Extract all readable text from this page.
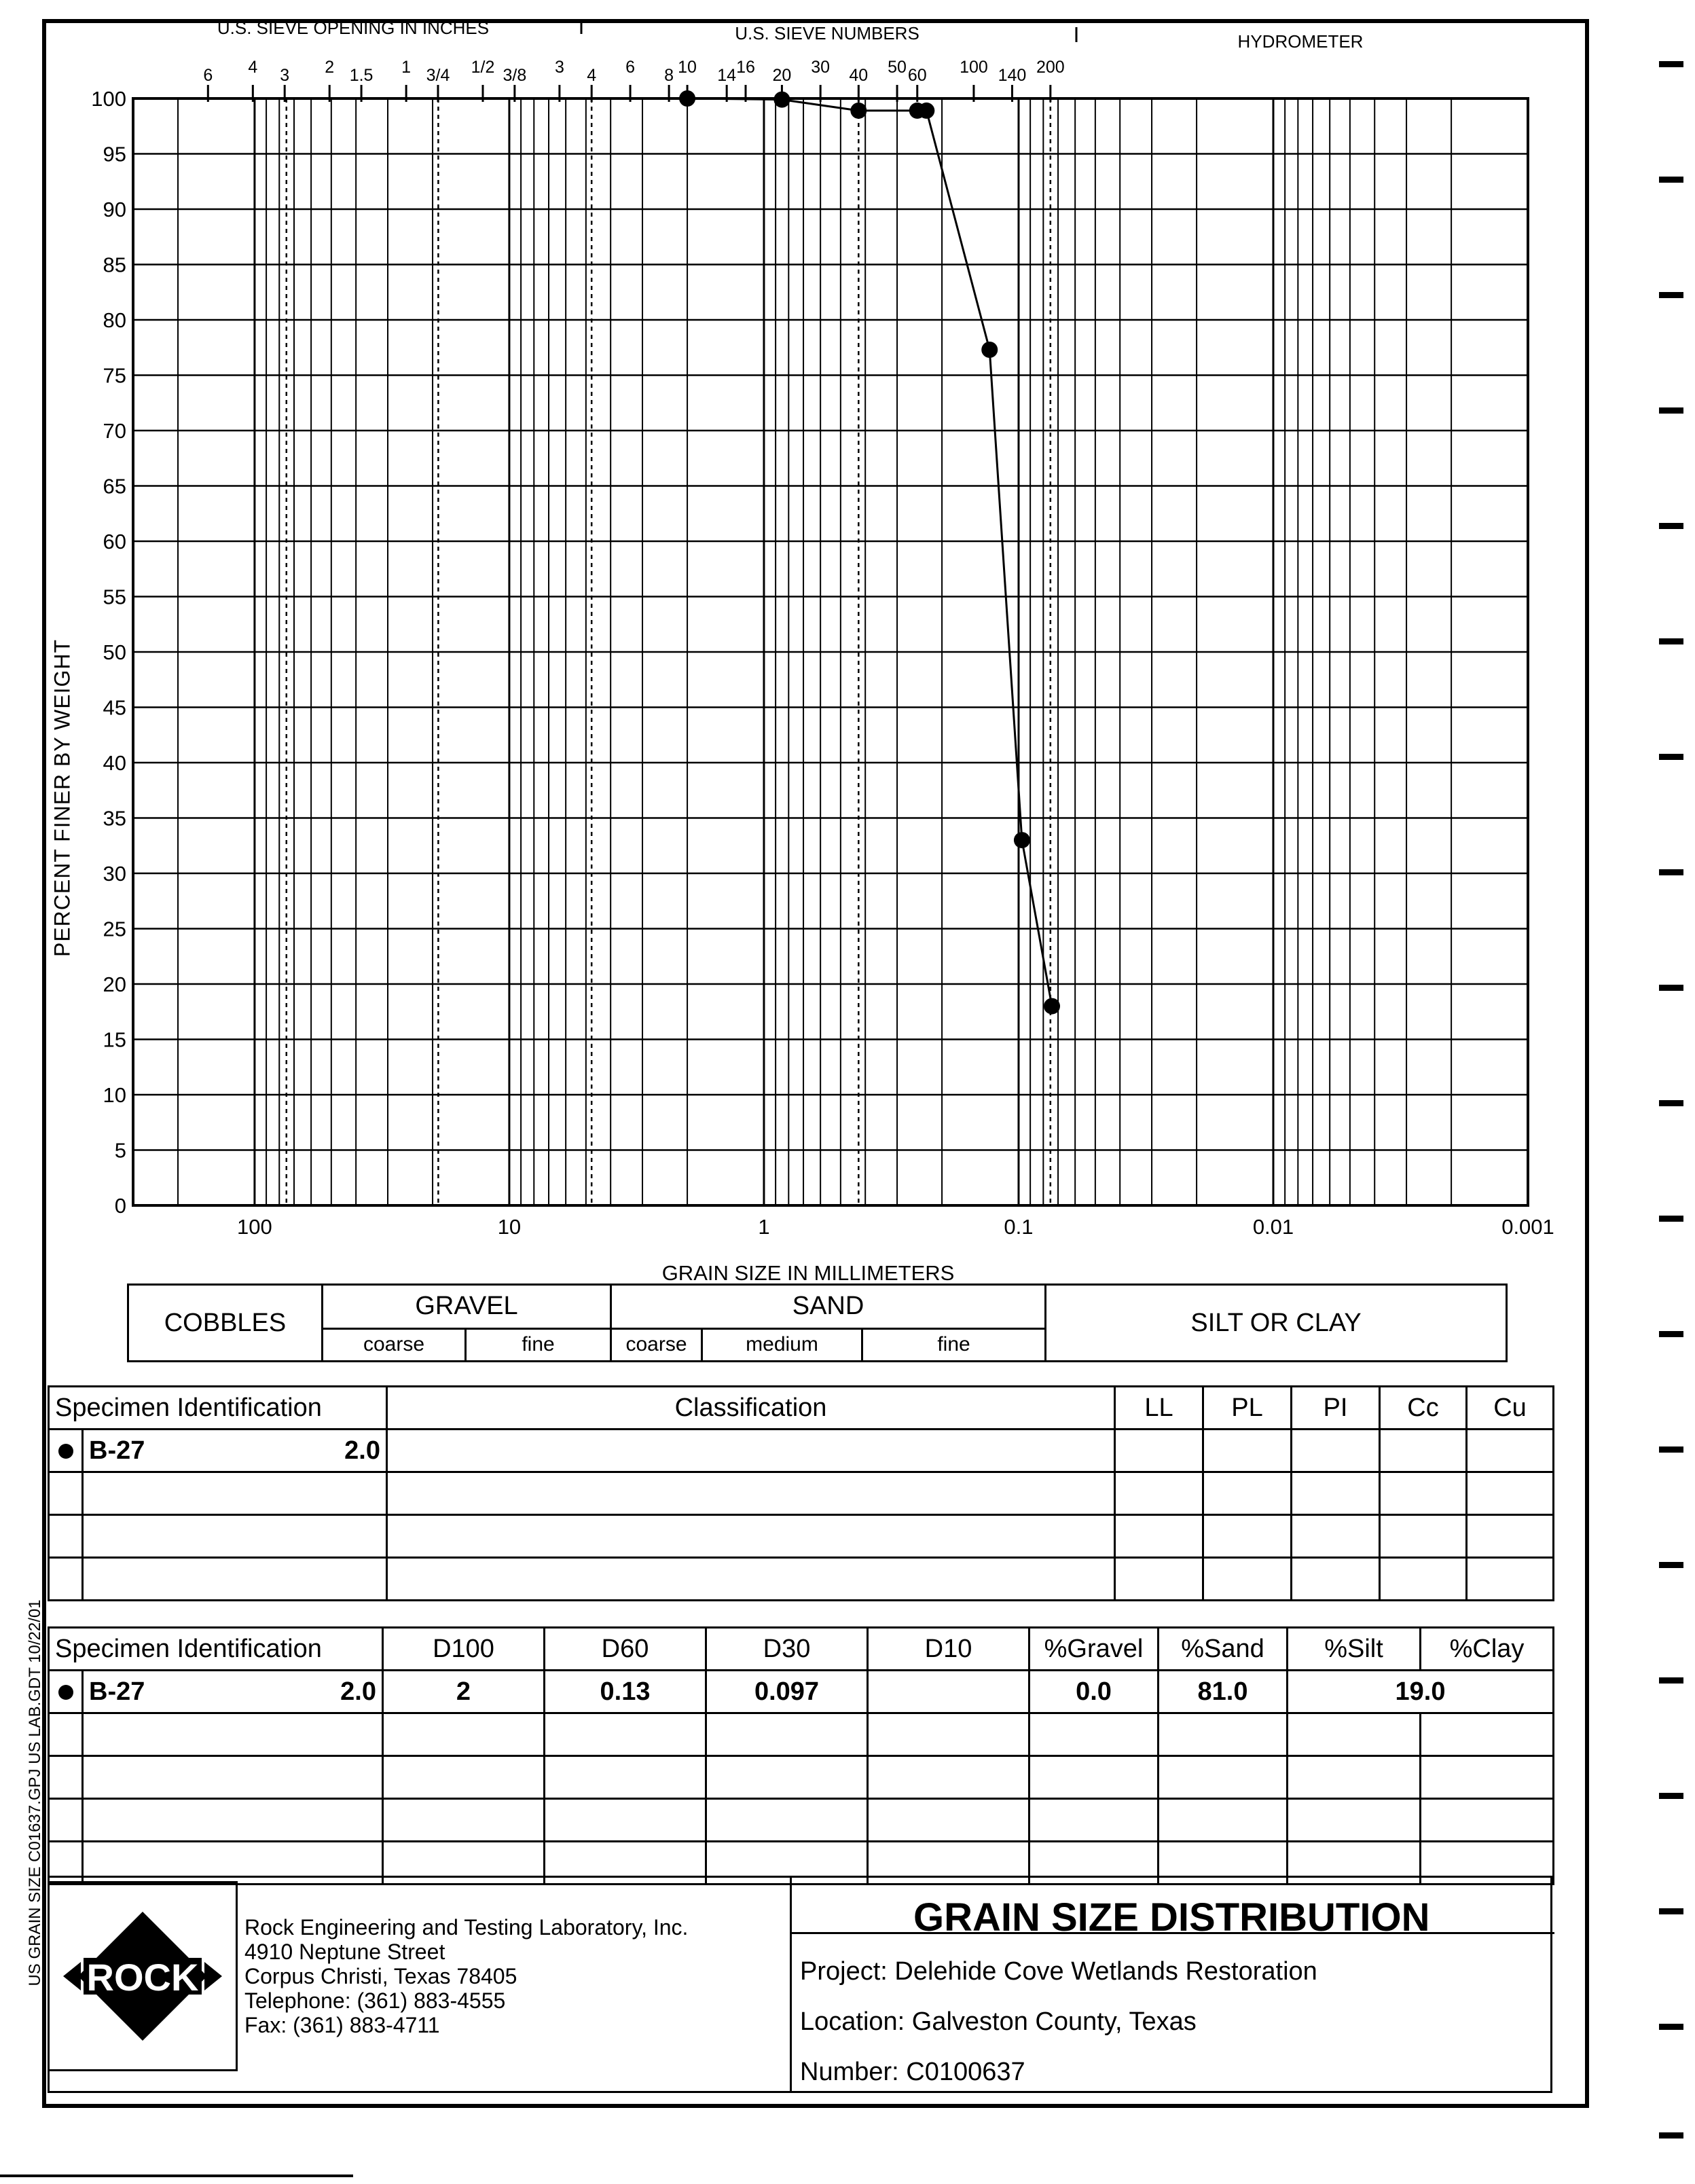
0
5
10
15
20
25
30
35
40
45
50
55
60
65
70
75
80
85
90
95
100
100	10	1	0.1	0.01	0.001
GRAIN SIZE IN MILLIMETERS
U.S. SIEVE OPENING IN INCHES	U.S. SIEVE NUMBERS	HYDROMETER
6 4 3 2 1.5 1 3/4 1/2 3/8 3 4 6 8 10 14 16 20 30 40 50 60 100 140 200
PERCENT FINER BY WEIGHT
US GRAIN SIZE C01637.GPJ US LAB.GDT 10/22/01
COBBLES	GRAVEL		SAND			SILT OR CLAY
	coarse	fine	coarse	medium	fine	
Specimen Identification		Classification	LL	PL	PI	Cc	Cu
	B-27 2.0						

Specimen Identification		D100	D60	D30	D10	%Gravel	%Sand	%Silt	%Clay
	B-27 2.0	2	0.13	0.097		0.0	81.0	19.0	

ROCK
Rock Engineering and Testing Laboratory, Inc.
4910 Neptune Street
Corpus Christi, Texas 78405
Telephone: (361) 883-4555
Fax: (361) 883-4711
GRAIN SIZE DISTRIBUTION
Project: Delehide Cove Wetlands Restoration
Location: Galveston County, Texas
Number: C0100637
